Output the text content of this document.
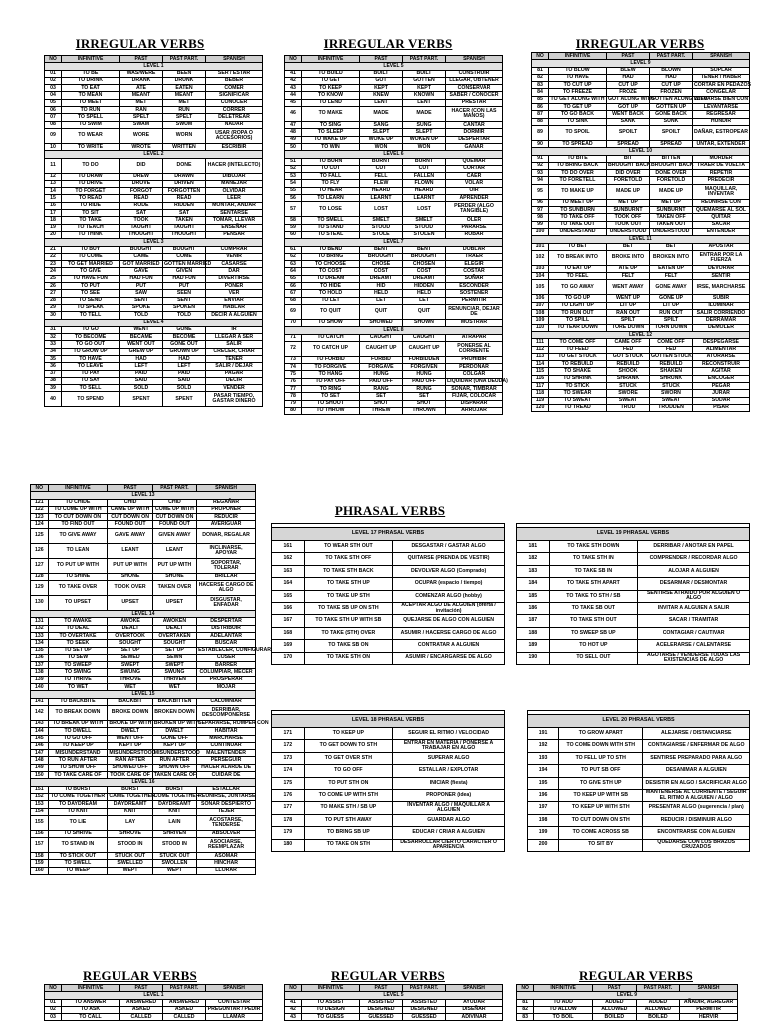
IRREGULAR VERBS	IRREGULAR VERBS	IRREGULAR VERBS
PHRASAL VERBS
REGULAR VERBS	REGULAR VERBS	REGULAR VERBS
NO	INFINITIVE	PAST	PAST PART.	SPANISH
LEVEL 1				
01	TO BE	WAS/WERE	BEEN	SER / ESTAR
02	TO DRINK	DRANK	DRUNK	BEBER
03	TO EAT	ATE	EATEN	COMER
04	TO MEAN	MEANT	MEANT	SIGNIFICAR
05	TO MEET	MET	MET	CONOCER
06	TO RUN	RAN	RUN	CORRER
07	TO SPELL	SPELT	SPELT	DELETREAR
08	TO SWIM	SWAM	SWUM	NADAR
09	TO WEAR	WORE	WORN	USAR (ROPA O ACCESORIOS)
10	TO WRITE	WROTE	WRITTEN	ESCRIBIR
LEVEL 2				
11	TO DO	DID	DONE	HACER (INTELECTO)
12	TO DRAW	DREW	DRAWN	DIBUJAR
13	TO DRIVE	DROVE	DRIVEN	MANEJAR
14	TO FORGET	FORGOT	FORGOTTEN	OLVIDAR
15	TO READ	READ	READ	LEER
16	TO RIDE	RODE	RIDDEN	MONTAR, ANDAR
17	TO SIT	SAT	SAT	SENTARSE
18	TO TAKE	TOOK	TAKEN	TOMAR, LLEVAR
19	TO TEACH	TAUGHT	TAUGHT	ENSEÑAR
20	TO THINK	THOUGHT	THOUGHT	PENSAR
LEVEL 3				
21	TO BUY	BOUGHT	BOUGHT	COMPRAR
22	TO COME	CAME	COME	VENIR
23	TO GET MARRIED	GOT MARRIED	GOTTEN MARRIED	CASARSE
24	TO GIVE	GAVE	GIVEN	DAR
25	TO HAVE FUN	HAD FUN	HAD FUN	DIVERTIRSE
26	TO PUT	PUT	PUT	PONER
27	TO SEE	SAW	SEEN	VER
28	TO SEND	SENT	SENT	ENVIAR
29	TO SPEAK	SPOKE	SPOKEN	HABLAR
30	TO TELL	TOLD	TOLD	DECIR A ALGUIEN
LEVEL 4				
31	TO GO	WENT	GONE	IR
32	TO BECOME	BECAME	BECOME	LLEGAR A SER
33	TO GO OUT	WENT OUT	GONE OUT	SALIR
34	TO GROW UP	GREW UP	GROWN UP	CRECER, CRIAR
35	TO HAVE	HAD	HAD	TENER
36	TO LEAVE	LEFT	LEFT	SALIR / DEJAR
37	TO PAY	PAID	PAID	PAGAR
38	TO SAY	SAID	SAID	DECIR
39	TO SELL	SOLD	SOLD	VENDER
40	TO SPEND	SPENT	SPENT	PASAR TIEMPO, GASTAR DINERO
NO	INFINITIVE	PAST	PAST PART.	SPANISH
LEVEL 5				
41	TO BUILD	BUILT	BUILT	CONSTRUIR
42	TO GET	GOT	GOTTEN	LLEGAR, OBTENER
43	TO KEEP	KEPT	KEPT	CONSERVAR
44	TO KNOW	KNEW	KNOWN	SABER / CONOCER
45	TO LEND	LENT	LENT	PRESTAR
46	TO MAKE	MADE	MADE	HACER (CON LAS MANOS)
47	TO SING	SANG	SUNG	CANTAR
48	TO SLEEP	SLEPT	SLEPT	DORMIR
49	TO WAKE UP	WOKE UP	WOKEN UP	DESPERTAR
50	TO WIN	WON	WON	GANAR
LEVEL 6				
51	TO BURN	BURNT	BURNT	QUEMAR
52	TO CUT	CUT	CUT	CORTAR
53	TO FALL	FELL	FALLEN	CAER
54	TO FLY	FLEW	FLOWN	VOLAR
55	TO HEAR	HEARD	HEARD	OIR
56	TO LEARN	LEARNT	LEARNT	APRENDER
57	TO LOSE	LOST	LOST	PERDER (ALGO TANGIBLE)
58	TO SMELL	SMELT	SMELT	OLER
59	TO STAND	STOOD	STOOD	PARARSE
60	TO STEAL	STOLE	STOLEN	ROBAR
LEVEL 7				
61	TO BEND	BENT	BENT	DOBLAR
62	TO BRING	BROUGHT	BROUGHT	TRAER
63	TO CHOOSE	CHOSE	CHOSEN	ELEGIR
64	TO COST	COST	COST	COSTAR
65	TO DREAM	DREAMT	DREAMT	SOÑAR
66	TO HIDE	HID	HIDDEN	ESCONDER
67	TO HOLD	HELD	HELD	SOSTENER
68	TO LET	LET	LET	PERMITIR
69	TO QUIT	QUIT	QUIT	RENUNCIAR, DEJAR DE
70	TO SHOW	SHOWED	SHOWN	MOSTRAR
LEVEL 8				
71	TO CATCH	CAUGHT	CAUGHT	ATRAPAR
72	TO CATCH UP	CAUGHT UP	CAUGHT UP	PONERSE AL CORRIENTE
73	TO FORBID	FORBID	FORBIDDEN	PROHIBIR
74	TO FORGIVE	FORGAVE	FORGIVEN	PERDONAR
75	TO HANG	HUNG	HUNG	COLGAR
76	TO PAY OFF	PAID OFF	PAID OFF	LIQUIDAR (UNA DEUDA)
77	TO RING	RANG	RUNG	SONAR, TIMBRAR
78	TO SET	SET	SET	FIJAR, COLOCAR
79	TO SHOOT	SHOT	SHOT	DISPARAR
80	TO THROW	THREW	THROWN	ARROJAR
NO	INFINITIVE	PAST	PAST PART.	SPANISH
LEVEL 9				
81	TO BLOW	BLEW	BLOWN	SOPLAR
82	TO HAVE	HAD	HAD	TENER / HABER
83	TO CUT UP	CUT UP	CUT UP	CORTAR EN PEDAZOS
84	TO FREEZE	FROZE	FROZEN	CONGELAR
85	TO GET ALONG WITH	GOT ALONG WITH	GOTTEN ALONG WITH	LLEVARSE BIEN CON
86	TO GET UP	GOT UP	GOTTEN UP	LEVANTARSE
87	TO GO BACK	WENT BACK	GONE BACK	REGRESAR
88	TO SINK	SANK	SUNK	HUNDIR
89	TO SPOIL	SPOILT	SPOILT	DAÑAR, ESTROPEAR
90	TO SPREAD	SPREAD	SPREAD	UNTAR, EXTENDER
LEVEL 10				
91	TO BITE	BIT	BITTEN	MORDER
92	TO BRING BACK	BROUGHT BACK	BROUGHT BACK	TRAER DE VUELTA
93	TO DO OVER	DID OVER	DONE OVER	REPETIR
94	TO FORETELL	FORETOLD	FORETOLD	PREDECIR
95	TO MAKE UP	MADE UP	MADE UP	MAQUILLAR, INVENTAR
96	TO MEET UP	MET UP	MET UP	REUNIRSE CON
97	TO SUNBURN	SUNBURNT	SUNBURNT	QUEMARSE AL SOL
98	TO TAKE OFF	TOOK OFF	TAKEN OFF	QUITAR
99	TO TAKE OUT	TOOK OUT	TAKEN OUT	SACAR
100	UNDERSTAND	UNDERSTOOD	UNDERSTOOD	ENTENDER
LEVEL 11				
101	TO BET	BET	BET	APOSTAR
102	TO BREAK INTO	BROKE INTO	BROKEN INTO	ENTRAR POR LA FUERZA
103	TO EAT UP	ATE UP	EATEN UP	DEVORAR
104	TO FEEL	FELT	FELT	SENTIR
105	TO GO AWAY	WENT AWAY	GONE AWAY	IRSE, MARCHARSE
106	TO GO UP	WENT UP	GONE UP	SUBIR
107	TO LIGHT UP	LIT UP	LIT UP	ILUMINAR
108	TO RUN OUT	RAN OUT	RUN OUT	SALIR CORRIENDO
109	TO SPILL	SPILT	SPILT	DERRAMAR
110	TO TEAR DOWN	TORE DOWN	TORN DOWN	DEMOLER
LEVEL 12				
111	TO COME OFF	CAME OFF	COME OFF	DESPEGARSE
112	TO FEED	FED	FED	ALIMENTAR
113	TO GET STUCK	GOT STUCK	GOTTEN STUCK	ATORARSE
114	TO REBUILD	REBUILD	REBUILD	RECONSTRUIR
115	TO SHAKE	SHOOK	SHAKEN	AGITAR
116	TO SHRINK	SHRANK	SHRUNK	ENCOGER
117	TO STICK	STUCK	STUCK	PEGAR
118	TO SWEAR	SWORE	SWORN	JURAR
119	TO SWEAT	SWEAT	SWEAT	SUDAR
120	TO TREAD	TROD	TRODDEN	PISAR
NO	INFINITIVE	PAST	PAST PART.	SPANISH
LEVEL 13				
121	TO CHIDE	CHID	CHID	REGAÑAR
122	TO COME UP WITH	CAME UP WITH	COME UP WITH	PROPONER
123	TO CUT DOWN ON	CUT DOWN ON	CUT DOWN ON	REDUCIR
124	TO FIND OUT	FOUND OUT	FOUND OUT	AVERIGUAR
125	TO GIVE AWAY	GAVE AWAY	GIVEN AWAY	DONAR, REGALAR
126	TO LEAN	LEANT	LEANT	INCLINARSE, APOYAR
127	TO PUT UP WITH	PUT UP WITH	PUT UP WITH	SOPORTAR, TOLERAR
128	TO SHINE	SHONE	SHONE	BRILLAR
129	TO TAKE OVER	TOOK OVER	TAKEN OVER	HACERSE CARGO DE ALGO
130	TO UPSET	UPSET	UPSET	DISGUSTAR, ENFADAR
LEVEL 14				
131	TO AWAKE	AWOKE	AWOKEN	DESPERTAR
132	TO DEAL	DEALT	DEALT	DISTRIBUIR
133	TO OVERTAKE	OVERTOOK	OVERTAKEN	ADELANTAR
134	TO SEEK	SOUGHT	SOUGHT	BUSCAR
135	TO SET UP	SET UP	SET UP	ESTABLECER, CONFIGURAR
136	TO SEW	SEWED	SEWN	COSER
137	TO SWEEP	SWEPT	SWEPT	BARRER
138	TO SWING	SWUNG	SWUNG	COLUMPIAR, MECER
139	TO THRIVE	THROVE	THRIVEN	PROSPERAR
140	TO WET	WET	WET	MOJAR
LEVEL 15				
141	TO BACKBITE	BACKBIT	BACKBITTEN	CALUMNIAR
142	TO BREAK DOWN	BROKE DOWN	BROKEN DOWN	DERRIBAR, DESCOMPONERSE
143	TO BREAK UP WITH	BROKE UP WITH	BROKEN UP WITH	SEPARARSE, ROMPER CON
144	TO DWELL	DWELT	DWELT	HABITAR
145	TO GO OFF	WENT OFF	GONE OFF	MARCHARSE
146	TO KEEP UP	KEPT UP	KEPT UP	CONTINUAR
147	MISUNDERSTAND	MISUNDERSTOOD	MISUNDERSTOOD	MALENTENDER
148	TO RUN AFTER	RAN AFTER	RUN AFTER	PERSEGUIR
149	TO SHOW OFF	SHOWED OFF	SHOWN OFF	HACER ALARDE DE
150	TO TAKE CARE OF	TOOK CARE OF	TAKEN CARE OF	CUIDAR DE
LEVEL 16				
151	TO BURST	BURST	BURST	ESTALLAR
152	TO COME TOGETHER	CAME TOGETHER	COME TOGETHER	REUNIRSE, JUNTARSE
153	TO DAYDREAM	DAYDREAMT	DAYDREAMT	SOÑAR DESPIERTO
154	TO KNIT	KNIT	KNIT	TEJER
155	TO LIE	LAY	LAIN	ACOSTARSE, TENDERSE
156	TO SHRIVE	SHROVE	SHRIVEN	ABSOLVER
157	TO STAND IN	STOOD IN	STOOD IN	ASOCIARSE, REEMPLAZAR
158	TO STICK OUT	STUCK OUT	STUCK OUT	ASOMAR
159	TO SWELL	SWELLED	SWOLLEN	HINCHAR
160	TO WEEP	WEPT	WEPT	LLORAR

LEVEL 17 PHRASAL VERBS		
161	TO WEAR STH OUT	DESGASTAR / GASTAR ALGO
162	TO TAKE STH OFF	QUITARSE (PRENDA DE VESTIR)
163	TO TAKE STH BACK	DEVOLVER ALGO (Comprado)
164	TO TAKE STH UP	OCUPAR (espacio / tiempo)
165	TO TAKE UP STH	COMENZAR ALGO (hobby)
166	TO TAKE SB UP ON STH	ACEPTAR ALGO DE ALGUIEN (oferta / invitación)
167	TO TAKE STH UP WITH SB	QUEJARSE DE ALGO CON ALGUIEN
168	TO TAKE (STH) OVER	ASUMIR / HACERSE CARGO DE ALGO
169	TO TAKE SB ON	CONTRATAR A ALGUIEN
170	TO TAKE STH ON	ASUMIR / ENCARGARSE DE ALGO

LEVEL 18 PHRASAL VERBS		
171	TO KEEP UP	SEGUIR EL RITMO / VELOCIDAD
172	TO GET DOWN TO STH	ENTRAR EN MATERIA / PONERSE A TRABAJAR EN ALGO
173	TO GET OVER STH	SUPERAR ALGO
174	TO GO OFF	ESTALLAR / EXPLOTAR
175	TO PUT STH ON	INICIAR (fiesta)
176	TO COME UP WITH STH	PROPONER (idea)
177	TO MAKE STH / SB UP	INVENTAR ALGO / MAQUILLAR A ALGUIEN
178	TO PUT STH AWAY	GUARDAR ALGO
179	TO BRING SB UP	EDUCAR / CRIAR A ALGUIEN
180	TO TAKE ON STH	DESARROLLAR CIERTO CARACTER O APARIENCIA

LEVEL 19 PHRASAL VERBS		
181	TO TAKE STH DOWN	DERRIBAR / ANOTAR EN PAPEL
182	TO TAKE STH IN	COMPRENDER / RECORDAR ALGO
183	TO TAKE SB IN	ALOJAR A ALGUIEN
184	TO TAKE STH APART	DESARMAR / DESMONTAR
185	TO TAKE TO STH / SB	SENTIRSE ATRAIDO POR ALGUIEN O ALGO
186	TO TAKE SB OUT	INVITAR A ALGUIEN A SALIR
187	TO TAKE STH OUT	SACAR / TRAMITAR
188	TO SWEEP SB UP	CONTAGIAR / CAUTIVAR
189	TO HOT UP	ACELERARSE / CALENTARSE
190	TO SELL OUT	AGOTARSE / VENDERSE TODAS LAS EXISTENCIAS DE ALGO

LEVEL 20 PHRASAL VERBS		
191	TO GROW APART	ALEJARSE / DISTANCIARSE
192	TO COME DOWN WITH STH	CONTAGIARSE / ENFERMAR DE ALGO
193	TO FELL UP TO STH	SENTIRSE PREPARADO PARA ALGO
194	TO PUT SB OFF	DESANIMAR A ALGUIEN
195	TO GIVE STH UP	DESISTIR EN ALGO / SACRIFICAR ALGO
196	TO KEEP UP WITH SB	MANTENERSE AL CORRIENTE / SEGUIR EL RITMO A ALGUIEN / ALGO
197	TO KEEP UP WITH STH	PRESENTAR ALGO (sugerencia / plan)
198	TO CUT DOWN ON STH	REDUCIR / DISMINUIR ALGO
199	TO COME ACROSS SB	ENCONTRARSE CON ALGUIEN
200	TO SIT BY	QUEDARSE CON LOS BRAZOS CRUZADOS
NO	INFINITIVE	PAST	PAST PART.	SPANISH
LEVEL 1				
01	TO ANSWER	ANSWERED	ANSWERED	CONTESTAR
02	TO ASK	ASKED	ASKED	PREGUNTAR / PEDIR
03	TO CALL	CALLED	CALLED	LLAMAR
NO	INFINITIVE	PAST	PAST PART.	SPANISH
LEVEL 5				
41	TO ASSIST	ASSISTED	ASSISTED	AYUDAR
42	TO DESIGN	DESIGNED	DESIGNED	DISEÑAR
43	TO GUESS	GUESSED	GUESSED	ADIVINAR
NO	INFINITIVE	PAST	PAST PART.	SPANISH
LEVEL 9				
81	TO ADD	ADDED	ADDED	AÑADIR, AGREGAR
82	TO ALLOW	ALLOWED	ALLOWED	PERMITIR
83	TO BOIL	BOILED	BOILED	HERVIR
